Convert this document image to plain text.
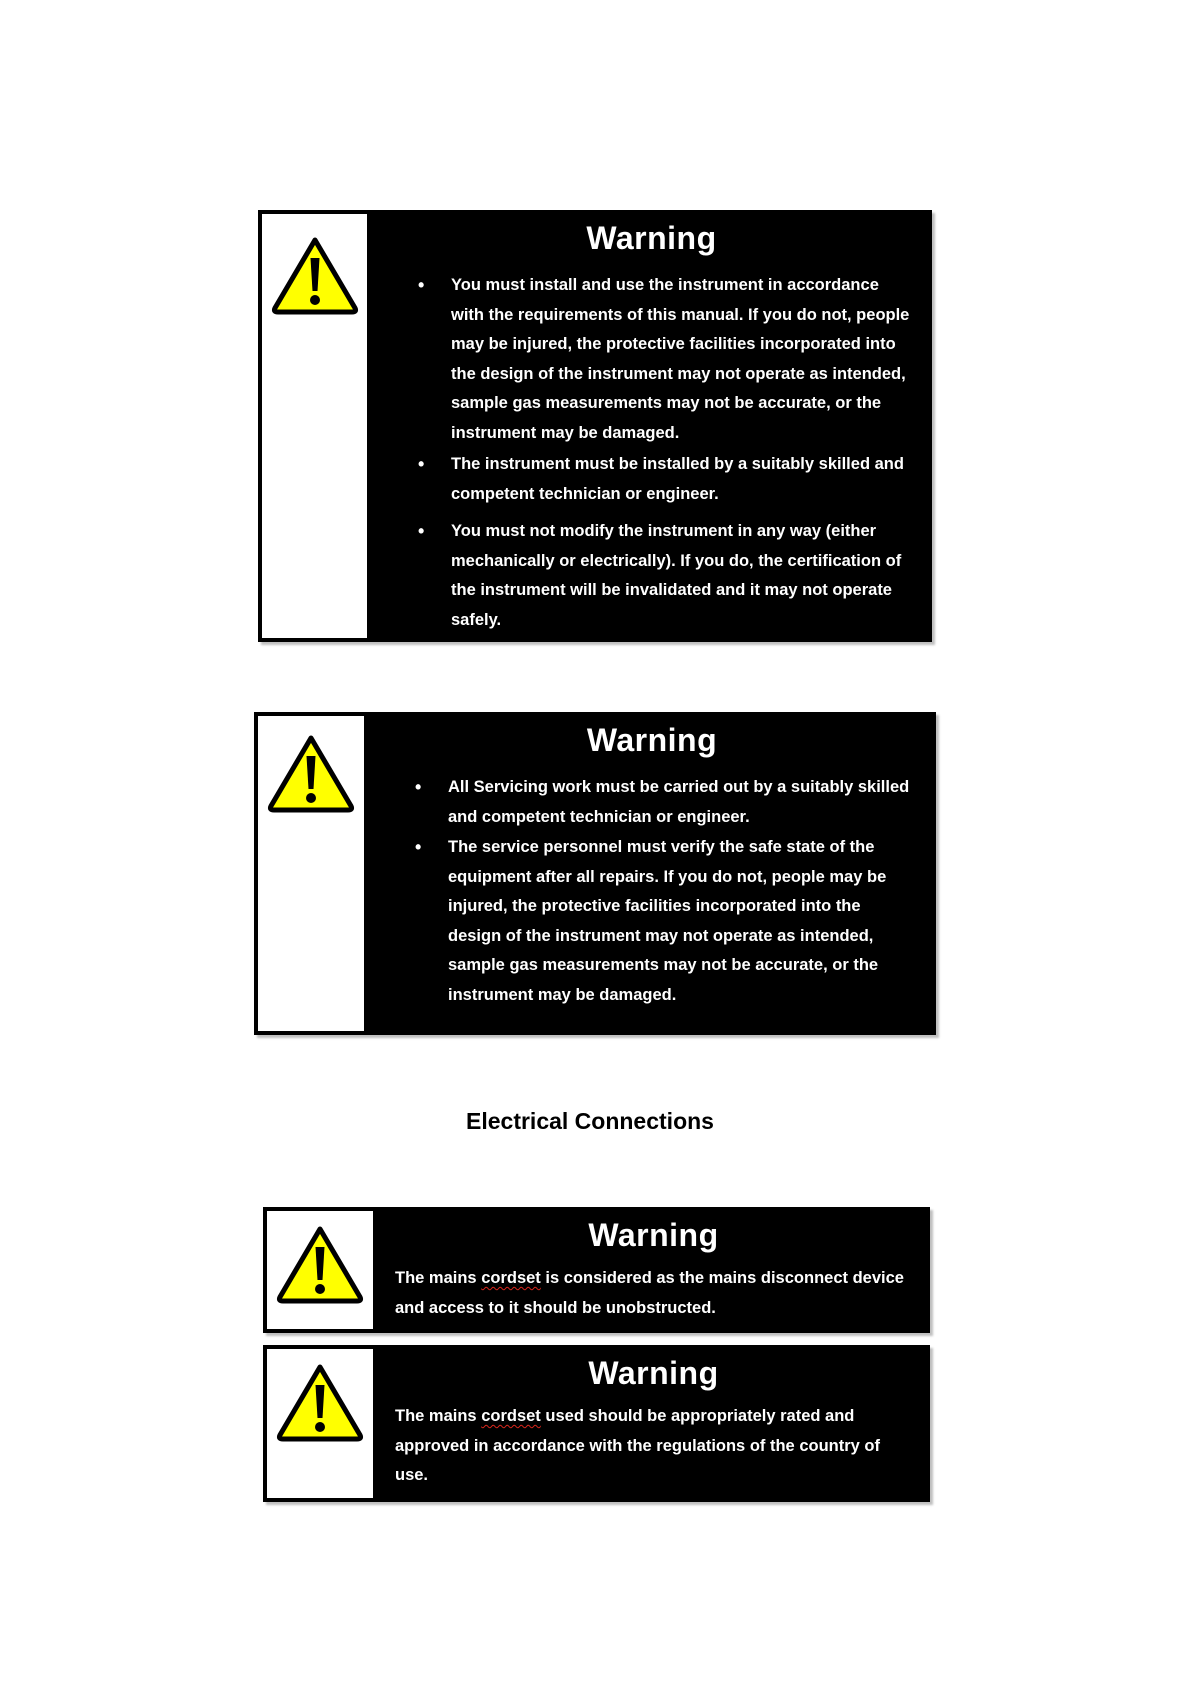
Warning
• You must install and use the instrument in accordance with the requirements of this manual. If you do not, people may be injured, the protective facilities incorporated into the design of the instrument may not operate as intended, sample gas measurements may not be accurate, or the instrument may be damaged.
• The instrument must be installed by a suitably skilled and competent technician or engineer.
• You must not modify the instrument in any way (either mechanically or electrically). If you do, the certification of the instrument will be invalidated and it may not operate safely.
Warning
• All Servicing work must be carried out by a suitably skilled and competent technician or engineer.
• The service personnel must verify the safe state of the equipment after all repairs. If you do not, people may be injured, the protective facilities incorporated into the design of the instrument may not operate as intended, sample gas measurements may not be accurate, or the instrument may be damaged.
Electrical Connections
Warning
The mains cordset is considered as the mains disconnect device and access to it should be unobstructed.
Warning
The mains cordset used should be appropriately rated and approved in accordance with the regulations of the country of use.
